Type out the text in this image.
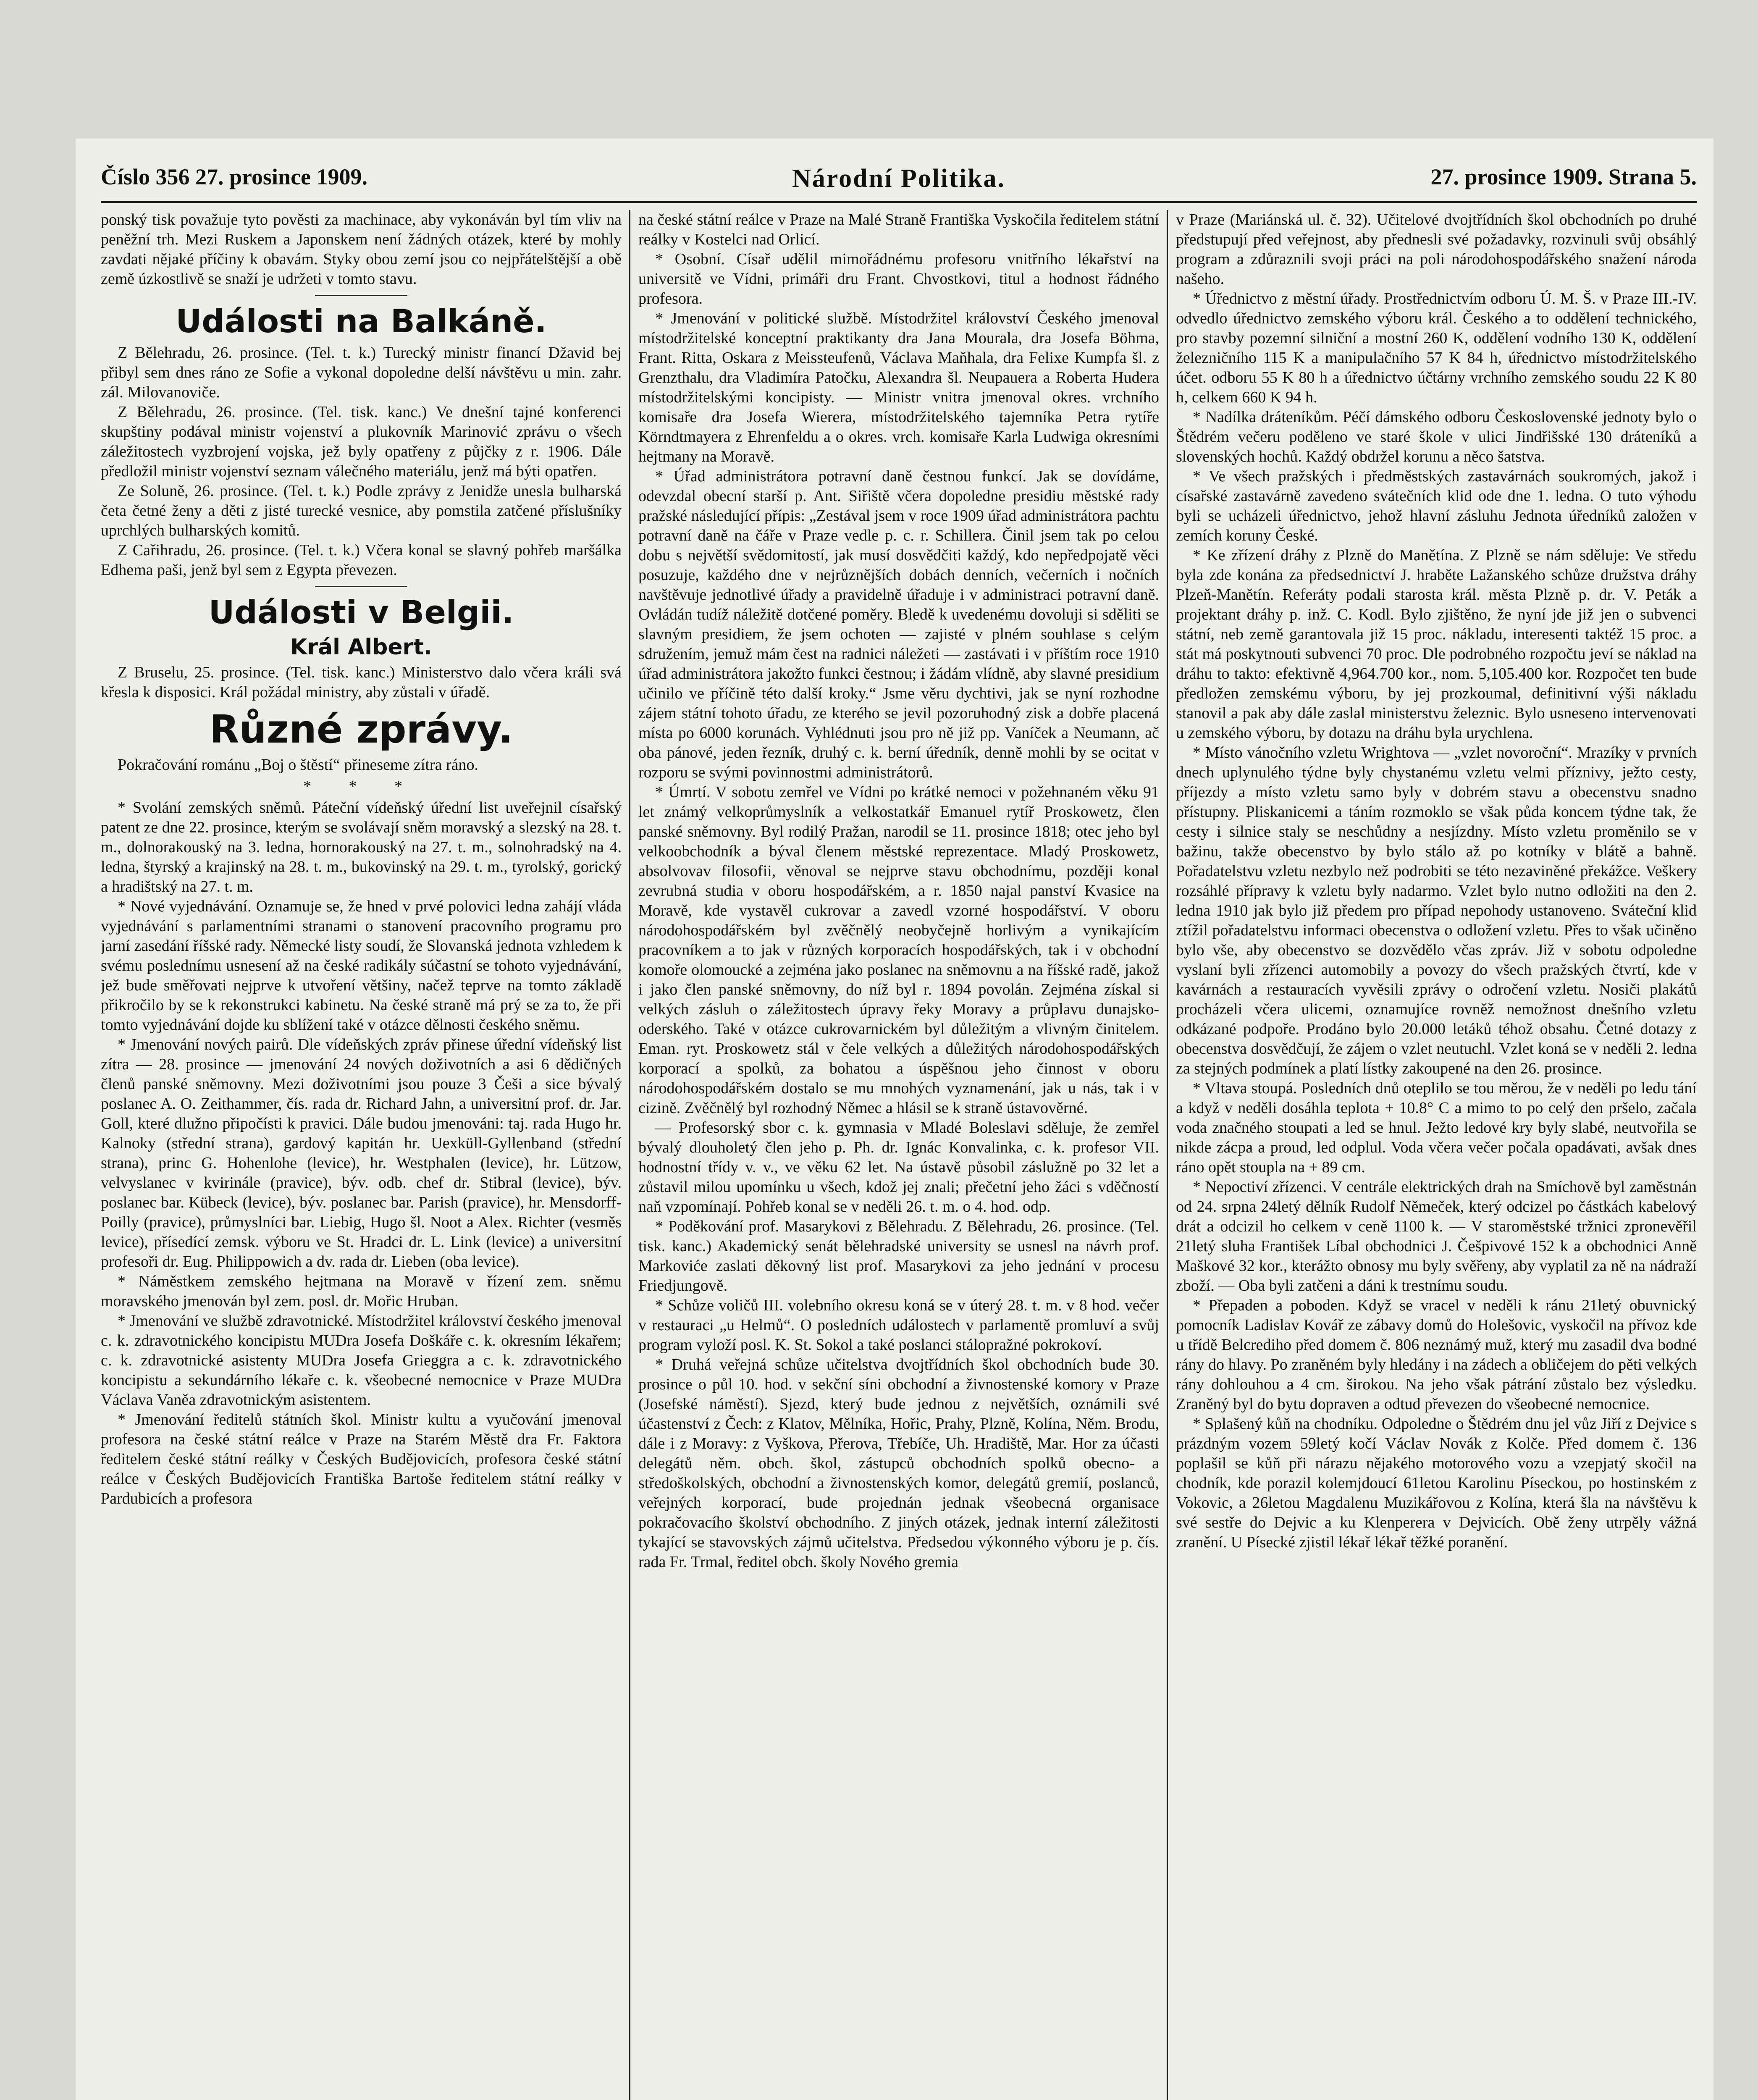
Číslo 356 27. prosince 1909.	Národní Politika.	27. prosince 1909. Strana 5.

ponský tisk považuje tyto pověsti za machinace, aby vykonáván byl tím vliv na peněžní trh. Mezi Ruskem a Japonskem není žádných otázek, které by mohly zavdati nějaké příčiny k obavám. Styky obou zemí jsou co nejpřátelštější a obě země úzkostlivě se snaží je udržeti v tomto stavu.

Události na Balkáně.

Z Bělehradu, 26. prosince. (Tel. t. k.) Turecký ministr financí Džavid bej přibyl sem dnes ráno ze Sofie a vykonal dopoledne delší návštěvu u min. zahr. zál. Milovanoviče.

Z Bělehradu, 26. prosince. (Tel. tisk. kanc.) Ve dnešní tajné konferenci skupštiny podával ministr vojenství a plukovník Marinović zprávu o všech záležitostech vyzbrojení vojska, jež byly opatřeny z půjčky z r. 1906. Dále předložil ministr vojenství seznam válečného materiálu, jenž má býti opatřen.

Ze Soluně, 26. prosince. (Tel. t. k.) Podle zprávy z Jenidže unesla bulharská četa četné ženy a děti z jisté turecké vesnice, aby pomstila zatčené příslušníky uprchlých bulharských komitů.

Z Cařihradu, 26. prosince. (Tel. t. k.) Včera konal se slavný pohřeb maršálka Edhema paši, jenž byl sem z Egypta převezen.

Události v Belgii.
Král Albert.

Z Bruselu, 25. prosince. (Tel. tisk. kanc.) Ministerstvo dalo včera králi svá křesla k disposici. Král požádal ministry, aby zůstali v úřadě.

Různé zprávy.

Pokračování románu „Boj o štěstí“ přineseme zítra ráno.

* * *

* Svolání zemských sněmů. Páteční vídeňský úřední list uveřejnil císařský patent ze dne 22. prosince, kterým se svolávají sněm moravský a slezský na 28. t. m., dolnorakouský na 3. ledna, hornorakouský na 27. t. m., solnohradský na 4. ledna, štyrský a krajinský na 28. t. m., bukovinský na 29. t. m., tyrolský, gorický a hradištský na 27. t. m.

* Nové vyjednávání. Oznamuje se, že hned v prvé polovici ledna zahájí vláda vyjednávání s parlamentními stranami o stanovení pracovního programu pro jarní zasedání říšské rady. Německé listy soudí, že Slovanská jednota vzhledem k svému poslednímu usnesení až na české radikály súčastní se tohoto vyjednávání, jež bude směřovati nejprve k utvoření většiny, načež teprve na tomto základě přikročilo by se k rekonstrukci kabinetu. Na české straně má prý se za to, že při tomto vyjednávání dojde ku sblížení také v otázce dělnosti českého sněmu.

* Jmenování nových pairů. Dle vídeňských zpráv přinese úřední vídeňský list zítra — 28. prosince — jmenování 24 nových doživotních a asi 6 dědičných členů panské sněmovny. Mezi doživotními jsou pouze 3 Češi a sice bývalý poslanec A. O. Zeithammer, čís. rada dr. Richard Jahn, a universitní prof. dr. Jar. Goll, které dlužno připočísti k pravici. Dále budou jmenováni: taj. rada Hugo hr. Kalnoky (střední strana), gardový kapitán hr. Uexküll-Gyllenband (střední strana), princ G. Hohenlohe (levice), hr. Westphalen (levice), hr. Lützow, velvyslanec v kvirinále (pravice), býv. odb. chef dr. Stibral (levice), býv. poslanec bar. Kübeck (levice), býv. poslanec bar. Parish (pravice), hr. Mensdorff-Poilly (pravice), průmyslníci bar. Liebig, Hugo šl. Noot a Alex. Richter (vesměs levice), přísedící zemsk. výboru ve St. Hradci dr. L. Link (levice) a universitní profesoři dr. Eug. Philippowich a dv. rada dr. Lieben (oba levice).

* Náměstkem zemského hejtmana na Moravě v řízení zem. sněmu moravského jmenován byl zem. posl. dr. Mořic Hruban.

* Jmenování ve službě zdravotnické. Místodržitel království českého jmenoval c. k. zdravotnického koncipistu MUDra Josefa Doškáře c. k. okresním lékařem; c. k. zdravotnické asistenty MUDra Josefa Grieggra a c. k. zdravotnického koncipistu a sekundárního lékaře c. k. všeobecné nemocnice v Praze MUDra Václava Vaněa zdravotnickým asistentem.

* Jmenování ředitelů státních škol. Ministr kultu a vyučování jmenoval profesora na české státní reálce v Praze na Starém Městě dra Fr. Faktora ředitelem české státní reálky v Českých Budějovicích, profesora české státní reálce v Českých Budějovicích Františka Bartoše ředitelem státní reálky v Pardubicích a profesora

na české státní reálce v Praze na Malé Straně Františka Vyskočila ředitelem státní reálky v Kostelci nad Orlicí.

* Osobní. Císař udělil mimořádnému profesoru vnitřního lékařství na universitě ve Vídni, primáři dru Frant. Chvostkovi, titul a hodnost řádného profesora.

* Jmenování v politické službě. Místodržitel království Českého jmenoval místodržitelské konceptní praktikanty dra Jana Mourala, dra Josefa Böhma, Frant. Ritta, Oskara z Meissteufenů, Václava Maňhala, dra Felixe Kumpfa šl. z Grenzthalu, dra Vladimíra Patočku, Alexandra šl. Neupauera a Roberta Hudera místodržitelskými koncipisty. — Ministr vnitra jmenoval okres. vrchního komisaře dra Josefa Wierera, místodržitelského tajemníka Petra rytíře Körndtmayera z Ehrenfeldu a o okres. vrch. komisaře Karla Ludwiga okresními hejtmany na Moravě.

* Úřad administrátora potravní daně čestnou funkcí. Jak se dovídáme, odevzdal obecní starší p. Ant. Siřiště včera dopoledne presidiu městské rady pražské následující přípis: „Zestával jsem v roce 1909 úřad administrátora pachtu potravní daně na čáře v Praze vedle p. c. r. Schillera. Činil jsem tak po celou dobu s největší svědomitostí, jak musí dosvědčiti každý, kdo nepředpojatě věci posuzuje, každého dne v nejrůznějších dobách denních, večerních i nočních navštěvuje jednotlivé úřady a pravidelně úřaduje i v administraci potravní daně. Ovládán tudíž náležitě dotčené poměry. Bledě k uvedenému dovoluji si sděliti se slavným presidiem, že jsem ochoten — zajisté v plném souhlase s celým sdružením, jemuž mám čest na radnici náležeti — zastávati i v příštím roce 1910 úřad administrátora jakožto funkci čestnou; i žádám vlídně, aby slavné presidium učinilo ve příčině této další kroky.“ Jsme věru dychtivi, jak se nyní rozhodne zájem státní tohoto úřadu, ze kterého se jevil pozoruhodný zisk a dobře placená místa po 6000 korunách. Vyhlédnuti jsou pro ně již pp. Vaníček a Neumann, ač oba pánové, jeden řezník, druhý c. k. berní úředník, denně mohli by se ocitat v rozporu se svými povinnostmi administrátorů.

* Úmrtí. V sobotu zemřel ve Vídni po krátké nemoci v požehnaném věku 91 let známý velkoprůmyslník a velkostatkář Emanuel rytíř Proskowetz, člen panské sněmovny. Byl rodilý Pražan, narodil se 11. prosince 1818; otec jeho byl velkoobchodník a býval členem městské reprezentace. Mladý Proskowetz, absolvovav filosofii, věnoval se nejprve stavu obchodnímu, později konal zevrubná studia v oboru hospodářském, a r. 1850 najal panství Kvasice na Moravě, kde vystavěl cukrovar a zavedl vzorné hospodářství. V oboru národohospodářském byl zvěčnělý neobyčejně horlivým a vynikajícím pracovníkem a to jak v různých korporacích hospodářských, tak i v obchodní komoře olomoucké a zejména jako poslanec na sněmovnu a na říšské radě, jakož i jako člen panské sněmovny, do níž byl r. 1894 povolán. Zejména získal si velkých zásluh o záležitostech úpravy řeky Moravy a průplavu dunajsko-oderského. Také v otázce cukrovarnickém byl důležitým a vlivným činitelem. Eman. ryt. Proskowetz stál v čele velkých a důležitých národohospodářských korporací a spolků, za bohatou a úspěšnou jeho činnost v oboru národohospodářském dostalo se mu mnohých vyznamenání, jak u nás, tak i v cizině. Zvěčnělý byl rozhodný Němec a hlásil se k straně ústavověrné.

— Profesorský sbor c. k. gymnasia v Mladé Boleslavi sděluje, že zemřel bývalý dlouholetý člen jeho p. Ph. dr. Ignác Konvalinka, c. k. profesor VII. hodnostní třídy v. v., ve věku 62 let. Na ústavě působil záslužně po 32 let a zůstavil milou upomínku u všech, kdož jej znali; přečetní jeho žáci s vděčností naň vzpomínají. Pohřeb konal se v neděli 26. t. m. o 4. hod. odp.

* Poděkování prof. Masarykovi z Bělehradu. Z Bělehradu, 26. prosince. (Tel. tisk. kanc.) Akademický senát bělehradské university se usnesl na návrh prof. Markoviće zaslati děkovný list prof. Masarykovi za jeho jednání v procesu Friedjungově.

* Schůze voličů III. volebního okresu koná se v úterý 28. t. m. v 8 hod. večer v restauraci „u Helmů“. O posledních událostech v parlamentě promluví a svůj program vyloží posl. K. St. Sokol a také poslanci stálopražné pokrokoví.

* Druhá veřejná schůze učitelstva dvojtřídních škol obchodních bude 30. prosince o půl 10. hod. v sekční síni obchodní a živnostenské komory v Praze (Josefské náměstí). Sjezd, který bude jednou z největších, oznámili své účastenství z Čech: z Klatov, Mělníka, Hořic, Prahy, Plzně, Kolína, Něm. Brodu, dále i z Moravy: z Vyškova, Přerova, Třebíče, Uh. Hradiště, Mar. Hor za účasti delegátů něm. obch. škol, zástupců obchodních spolků obecno- a středoškolských, obchodní a živnostenských komor, delegátů gremií, poslanců, veřejných korporací, bude projednán jednak všeobecná organisace pokračovacího školství obchodního. Z jiných otázek, jednak interní záležitosti tykající se stavovských zájmů učitelstva. Předsedou výkonného výboru je p. čís. rada Fr. Trmal, ředitel obch. školy Nového gremia

v Praze (Mariánská ul. č. 32). Učitelové dvojtřídních škol obchodních po druhé předstupují před veřejnost, aby přednesli své požadavky, rozvinuli svůj obsáhlý program a zdůraznili svoji práci na poli národohospodářského snažení národa našeho.

* Úřednictvo z městní úřady. Prostřednictvím odboru Ú. M. Š. v Praze III.-IV. odvedlo úřednictvo zemského výboru král. Českého a to oddělení technického, pro stavby pozemní silniční a mostní 260 K, oddělení vodního 130 K, oddělení železničního 115 K a manipulačního 57 K 84 h, úřednictvo místodržitelského účet. odboru 55 K 80 h a úřednictvo účtárny vrchního zemského soudu 22 K 80 h, celkem 660 K 94 h.

* Nadílka dráteníkům. Péčí dámského odboru Československé jednoty bylo o Štědrém večeru poděleno ve staré škole v ulici Jindřišské 130 dráteníků a slovenských hochů. Každý obdržel korunu a něco šatstva.

* Ve všech pražských i předměstských zastavárnách soukromých, jakož i císařské zastavárně zavedeno svátečních klid ode dne 1. ledna. O tuto výhodu byli se ucházeli úřednictvo, jehož hlavní zásluhu Jednota úředníků založen v zemích koruny České.

* Ke zřízení dráhy z Plzně do Manětína. Z Plzně se nám sděluje: Ve středu byla zde konána za předsednictví J. hraběte Lažanského schůze družstva dráhy Plzeň-Manětín. Referáty podali starosta král. města Plzně p. dr. V. Peták a projektant dráhy p. inž. C. Kodl. Bylo zjištěno, že nyní jde již jen o subvenci státní, neb země garantovala již 15 proc. nákladu, interesenti taktéž 15 proc. a stát má poskytnouti subvenci 70 proc. Dle podrobného rozpočtu jeví se náklad na dráhu to takto: efektivně 4,964.700 kor., nom. 5,105.400 kor. Rozpočet ten bude předložen zemskému výboru, by jej prozkoumal, definitivní výši nákladu stanovil a pak aby dále zaslal ministerstvu železnic. Bylo usneseno intervenovati u zemského výboru, by dotazu na dráhu byla urychlena.

* Místo vánočního vzletu Wrightova — „vzlet novoroční“. Mrazíky v prvních dnech uplynulého týdne byly chystanému vzletu velmi příznivy, ježto cesty, příjezdy a místo vzletu samo byly v dobrém stavu a obecenstvu snadno přístupny. Pliskanicemi a táním rozmoklo se však půda koncem týdne tak, že cesty i silnice staly se neschůdny a nesjízdny. Místo vzletu proměnilo se v bažinu, takže obecenstvo by bylo stálo až po kotníky v blátě a bahně. Pořadatelstvu vzletu nezbylo než podrobiti se této nezaviněné překážce. Veškery rozsáhlé přípravy k vzletu byly nadarmo. Vzlet bylo nutno odložiti na den 2. ledna 1910 jak bylo již předem pro případ nepohody ustanoveno. Sváteční klid ztížil pořadatelstvu informaci obecenstva o odložení vzletu. Přes to však učiněno bylo vše, aby obecenstvo se dozvědělo včas zpráv. Již v sobotu odpoledne vyslaní byli zřízenci automobily a povozy do všech pražských čtvrtí, kde v kavárnách a restauracích vyvěsili zprávy o odročení vzletu. Nosiči plakátů procházeli včera ulicemi, oznamujíce rovněž nemožnost dnešního vzletu odkázané podpoře. Prodáno bylo 20.000 letáků téhož obsahu. Četné dotazy z obecenstva dosvědčují, že zájem o vzlet neutuchl. Vzlet koná se v neděli 2. ledna za stejných podmínek a platí lístky zakoupené na den 26. prosince.

* Vltava stoupá. Posledních dnů oteplilo se tou měrou, že v neděli po ledu tání a když v neděli dosáhla teplota + 10.8° C a mimo to po celý den pršelo, začala voda značného stoupati a led se hnul. Ježto ledové kry byly slabé, neutvořila se nikde zácpa a proud, led odplul. Voda včera večer počala opadávati, avšak dnes ráno opět stoupla na + 89 cm.

* Nepoctiví zřízenci. V centrále elektrických drah na Smíchově byl zaměstnán od 24. srpna 24letý dělník Rudolf Němeček, který odcizel po částkách kabelový drát a odcizil ho celkem v ceně 1100 k. — V staroměstské tržnici zpronevěřil 21letý sluha František Líbal obchodnici J. Češpivové 152 k a obchodnici Anně Maškové 32 kor., kterážto obnosy mu byly svěřeny, aby vyplatil za ně na nádraží zboží. — Oba byli zatčeni a dáni k trestnímu soudu.

* Přepaden a poboden. Když se vracel v neděli k ránu 21letý obuvnický pomocník Ladislav Kovář ze zábavy domů do Holešovic, vyskočil na přívoz kde u třídě Belcrediho před domem č. 806 neznámý muž, který mu zasadil dva bodné rány do hlavy. Po zraněném byly hledány i na zádech a obličejem do pěti velkých rány dohlouhou a 4 cm. širokou. Na jeho však pátrání zůstalo bez výsledku. Zraněný byl do bytu dopraven a odtud převezen do všeobecné nemocnice.

* Splašený kůň na chodníku. Odpoledne o Štědrém dnu jel vůz Jiří z Dejvice s prázdným vozem 59letý kočí Václav Novák z Kolče. Před domem č. 136 poplašil se kůň při nárazu nějakého motorového vozu a vzepjatý skočil na chodník, kde porazil kolemjdoucí 61letou Karolinu Píseckou, po hostinském z Vokovic, a 26letou Magdalenu Muzikářovou z Kolína, která šla na návštěvu k své sestře do Dejvic a ku Klenperera v Dejvicích. Obě ženy utrpěly vážná zranění. U Písecké zjistil lékař lékař těžké poranění.
